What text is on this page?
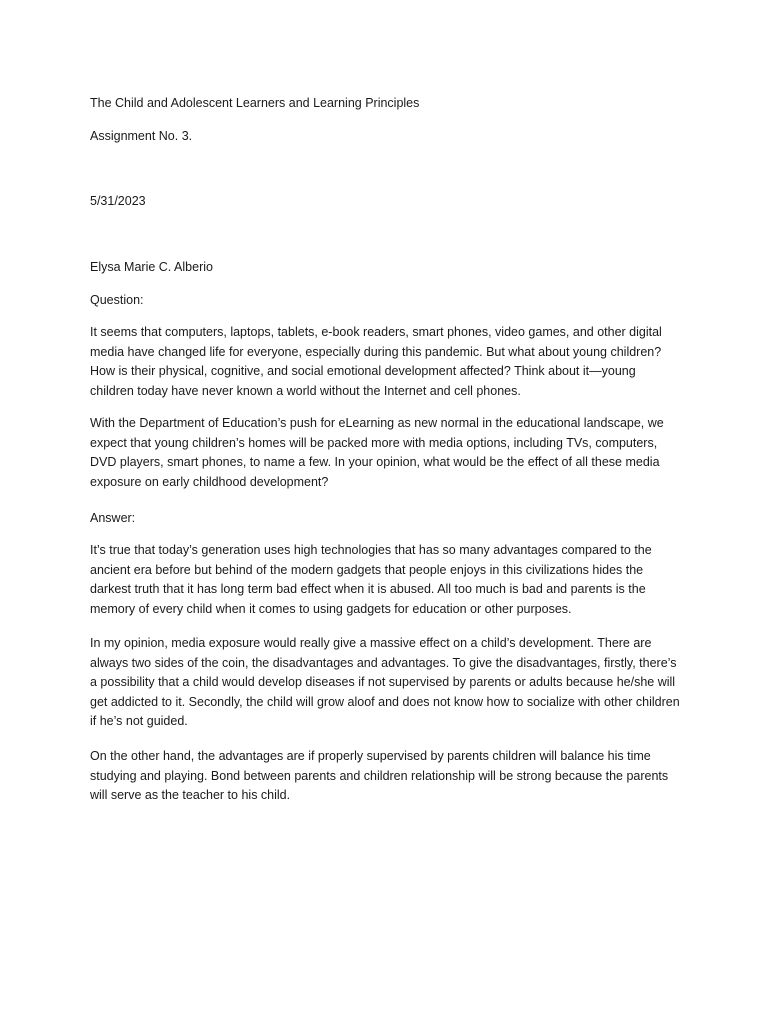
The Child and Adolescent Learners and Learning Principles

Assignment No. 3.

5/31/2023

Elysa Marie C. Alberio

Question:

It seems that computers, laptops, tablets, e-book readers, smart phones, video games, and other digital media have changed life for everyone, especially during this pandemic. But what about young children? How is their physical, cognitive, and social emotional development affected? Think about it—young children today have never known a world without the Internet and cell phones.

With the Department of Education’s push for eLearning as new normal in the educational landscape, we expect that young children’s homes will be packed more with media options, including TVs, computers, DVD players, smart phones, to name a few. In your opinion, what would be the effect of all these media exposure on early childhood development?

Answer:

It’s true that today’s generation uses high technologies that has so many advantages compared to the ancient era before but behind of the modern gadgets that people enjoys in this civilizations hides the darkest truth that it has long term bad effect when it is abused. All too much is bad and parents is the memory of every child when it comes to using gadgets for education or other purposes.

In my opinion, media exposure would really give a massive effect on a child’s development. There are always two sides of the coin, the disadvantages and advantages. To give the disadvantages, firstly, there’s a possibility that a child would develop diseases if not supervised by parents or adults because he/she will get addicted to it. Secondly, the child will grow aloof and does not know how to socialize with other children if he’s not guided.

On the other hand, the advantages are if properly supervised by parents children will balance his time studying and playing. Bond between parents and children relationship will be strong because the parents will serve as the teacher to his child.
